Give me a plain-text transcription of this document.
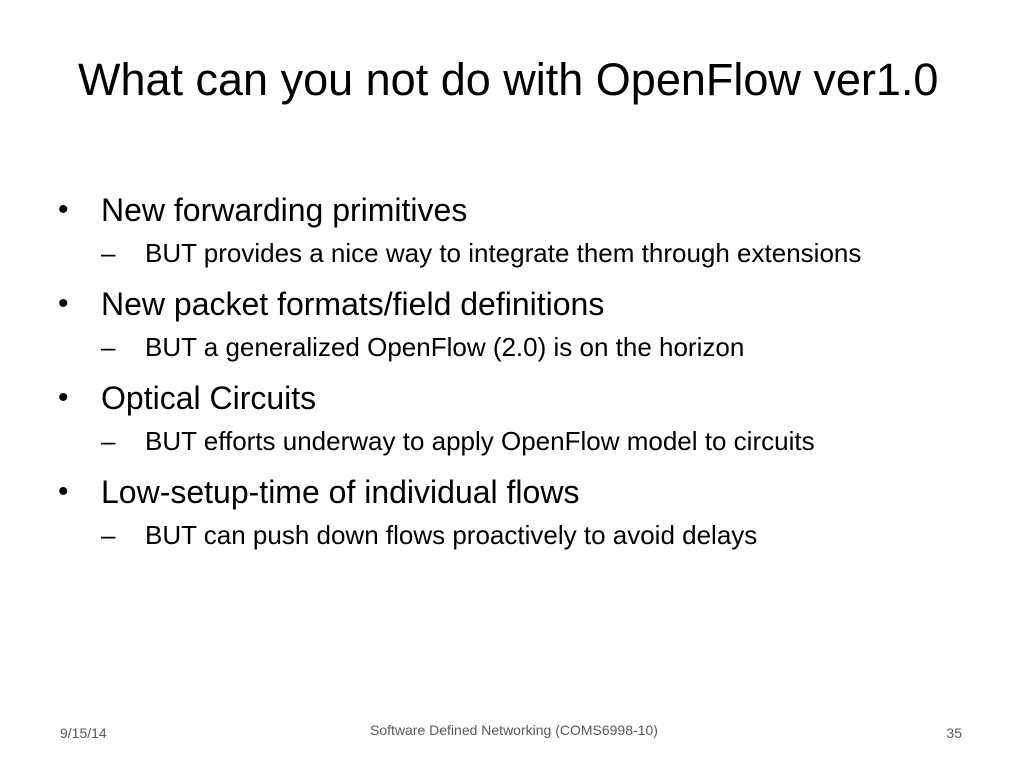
What can you not do with OpenFlow ver1.0
•	New forwarding primitives
–	BUT provides a nice way to integrate them through extensions
•	New packet formats/field definitions
–	BUT a generalized OpenFlow (2.0) is on the horizon
•	Optical Circuits
–	BUT efforts underway to apply OpenFlow model to circuits
•	Low-setup-time of individual flows
–	BUT can push down flows proactively to avoid delays
9/15/14	Software Defined Networking (COMS6998-10)	35
